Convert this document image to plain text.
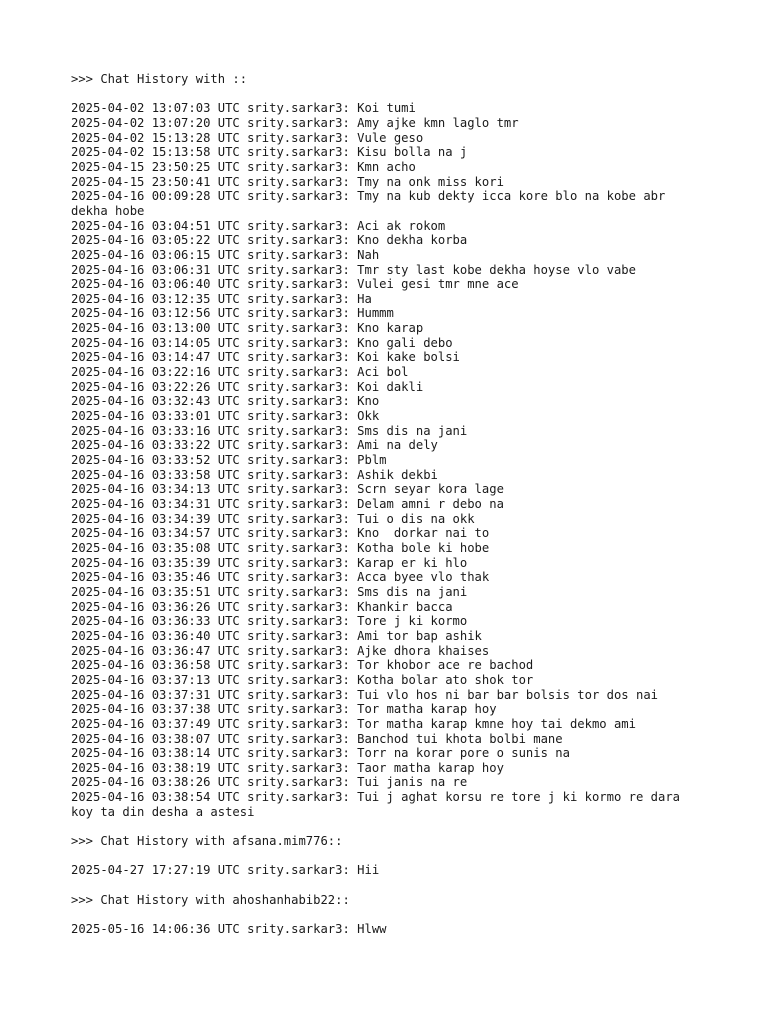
>>> Chat History with ::
2025-04-02 13:07:03 UTC srity.sarkar3: Koi tumi
2025-04-02 13:07:20 UTC srity.sarkar3: Amy ajke kmn laglo tmr
2025-04-02 15:13:28 UTC srity.sarkar3: Vule geso
2025-04-02 15:13:58 UTC srity.sarkar3: Kisu bolla na j
2025-04-15 23:50:25 UTC srity.sarkar3: Kmn acho
2025-04-15 23:50:41 UTC srity.sarkar3: Tmy na onk miss kori
2025-04-16 00:09:28 UTC srity.sarkar3: Tmy na kub dekty icca kore blo na kobe abr
dekha hobe
2025-04-16 03:04:51 UTC srity.sarkar3: Aci ak rokom
2025-04-16 03:05:22 UTC srity.sarkar3: Kno dekha korba
2025-04-16 03:06:15 UTC srity.sarkar3: Nah
2025-04-16 03:06:31 UTC srity.sarkar3: Tmr sty last kobe dekha hoyse vlo vabe
2025-04-16 03:06:40 UTC srity.sarkar3: Vulei gesi tmr mne ace
2025-04-16 03:12:35 UTC srity.sarkar3: Ha
2025-04-16 03:12:56 UTC srity.sarkar3: Hummm
2025-04-16 03:13:00 UTC srity.sarkar3: Kno karap
2025-04-16 03:14:05 UTC srity.sarkar3: Kno gali debo
2025-04-16 03:14:47 UTC srity.sarkar3: Koi kake bolsi
2025-04-16 03:22:16 UTC srity.sarkar3: Aci bol
2025-04-16 03:22:26 UTC srity.sarkar3: Koi dakli
2025-04-16 03:32:43 UTC srity.sarkar3: Kno
2025-04-16 03:33:01 UTC srity.sarkar3: Okk
2025-04-16 03:33:16 UTC srity.sarkar3: Sms dis na jani
2025-04-16 03:33:22 UTC srity.sarkar3: Ami na dely
2025-04-16 03:33:52 UTC srity.sarkar3: Pblm
2025-04-16 03:33:58 UTC srity.sarkar3: Ashik dekbi
2025-04-16 03:34:13 UTC srity.sarkar3: Scrn seyar kora lage
2025-04-16 03:34:31 UTC srity.sarkar3: Delam amni r debo na
2025-04-16 03:34:39 UTC srity.sarkar3: Tui o dis na okk
2025-04-16 03:34:57 UTC srity.sarkar3: Kno  dorkar nai to
2025-04-16 03:35:08 UTC srity.sarkar3: Kotha bole ki hobe
2025-04-16 03:35:39 UTC srity.sarkar3: Karap er ki hlo
2025-04-16 03:35:46 UTC srity.sarkar3: Acca byee vlo thak
2025-04-16 03:35:51 UTC srity.sarkar3: Sms dis na jani
2025-04-16 03:36:26 UTC srity.sarkar3: Khankir bacca
2025-04-16 03:36:33 UTC srity.sarkar3: Tore j ki kormo
2025-04-16 03:36:40 UTC srity.sarkar3: Ami tor bap ashik
2025-04-16 03:36:47 UTC srity.sarkar3: Ajke dhora khaises
2025-04-16 03:36:58 UTC srity.sarkar3: Tor khobor ace re bachod
2025-04-16 03:37:13 UTC srity.sarkar3: Kotha bolar ato shok tor
2025-04-16 03:37:31 UTC srity.sarkar3: Tui vlo hos ni bar bar bolsis tor dos nai
2025-04-16 03:37:38 UTC srity.sarkar3: Tor matha karap hoy
2025-04-16 03:37:49 UTC srity.sarkar3: Tor matha karap kmne hoy tai dekmo ami
2025-04-16 03:38:07 UTC srity.sarkar3: Banchod tui khota bolbi mane
2025-04-16 03:38:14 UTC srity.sarkar3: Torr na korar pore o sunis na
2025-04-16 03:38:19 UTC srity.sarkar3: Taor matha karap hoy
2025-04-16 03:38:26 UTC srity.sarkar3: Tui janis na re
2025-04-16 03:38:54 UTC srity.sarkar3: Tui j aghat korsu re tore j ki kormo re dara
koy ta din desha a astesi
>>> Chat History with afsana.mim776::
2025-04-27 17:27:19 UTC srity.sarkar3: Hii
>>> Chat History with ahoshanhabib22::
2025-05-16 14:06:36 UTC srity.sarkar3: Hlww
